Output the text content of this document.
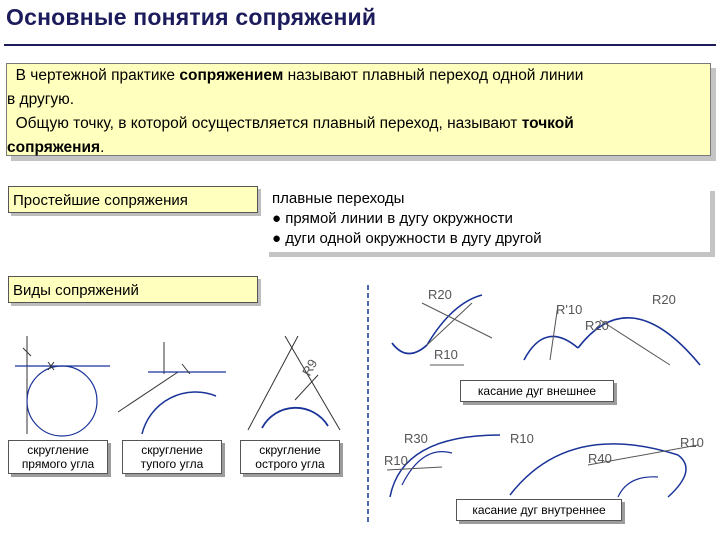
Основные понятия сопряжений

В чертежной практике сопряжением называют плавный переход одной линии

в другую.

Общую точку, в которой осуществляется плавный переход, называют точкой

сопряжения.

Простейшие сопряжения	плавные переходы
● прямой линии в дугу окружности
● дуги одной окружности в дугу другой
Виды сопряжений
R9
R20
R10
R'10
R20
R20
касание дуг внешнее
R30
R10
R10
R40
R10
касание дуг внутреннее
скругление
прямого угла
скругление
тупого угла
скругление
острого угла
